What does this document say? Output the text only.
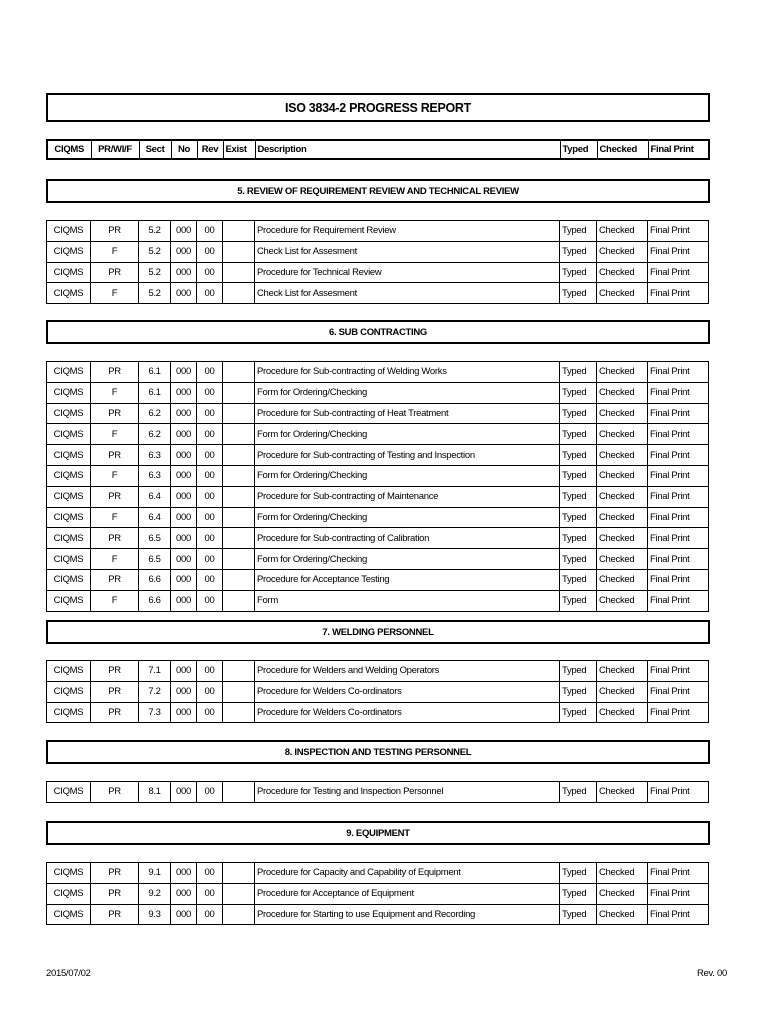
ISO 3834-2 PROGRESS REPORT
CIQMS	PR/WI/F	Sect	No	Rev	Exist	Description	Typed	Checked	Final Print
5. REVIEW OF REQUIREMENT REVIEW AND TECHNICAL REVIEW
CIQMS	PR	5.2	000	00		Procedure for Requirement Review	Typed	Checked	Final Print
CIQMS	F	5.2	000	00		Check List for Assesment	Typed	Checked	Final Print
CIQMS	PR	5.2	000	00		Procedure for Technical Review	Typed	Checked	Final Print
CIQMS	F	5.2	000	00		Check List for Assesment	Typed	Checked	Final Print
6. SUB CONTRACTING
CIQMS	PR	6.1	000	00		Procedure for Sub-contracting of Welding Works	Typed	Checked	Final Print
CIQMS	F	6.1	000	00		Form for Ordering/Checking	Typed	Checked	Final Print
CIQMS	PR	6.2	000	00		Procedure for Sub-contracting of Heat Treatment	Typed	Checked	Final Print
CIQMS	F	6.2	000	00		Form for Ordering/Checking	Typed	Checked	Final Print
CIQMS	PR	6.3	000	00		Procedure for Sub-contracting of Testing and Inspection	Typed	Checked	Final Print
CIQMS	F	6.3	000	00		Form for Ordering/Checking	Typed	Checked	Final Print
CIQMS	PR	6.4	000	00		Procedure for Sub-contracting of Maintenance	Typed	Checked	Final Print
CIQMS	F	6.4	000	00		Form for Ordering/Checking	Typed	Checked	Final Print
CIQMS	PR	6.5	000	00		Procedure for Sub-contracting of Calibration	Typed	Checked	Final Print
CIQMS	F	6.5	000	00		Form for Ordering/Checking	Typed	Checked	Final Print
CIQMS	PR	6.6	000	00		Procedure for Acceptance Testing	Typed	Checked	Final Print
CIQMS	F	6.6	000	00		Form	Typed	Checked	Final Print
7. WELDING PERSONNEL
CIQMS	PR	7.1	000	00		Procedure for Welders and Welding Operators	Typed	Checked	Final Print
CIQMS	PR	7.2	000	00		Procedure for Welders Co-ordinators	Typed	Checked	Final Print
CIQMS	PR	7.3	000	00		Procedure for Welders Co-ordinators	Typed	Checked	Final Print
8. INSPECTION AND TESTING PERSONNEL
CIQMS	PR	8.1	000	00		Procedure for Testing and Inspection Personnel	Typed	Checked	Final Print
9. EQUIPMENT
CIQMS	PR	9.1	000	00		Procedure for Capacity and Capability of Equipment	Typed	Checked	Final Print
CIQMS	PR	9.2	000	00		Procedure for Acceptance of Equipment	Typed	Checked	Final Print
CIQMS	PR	9.3	000	00		Procedure for Starting to use Equipment and Recording	Typed	Checked	Final Print
2015/07/02	Rev. 00
